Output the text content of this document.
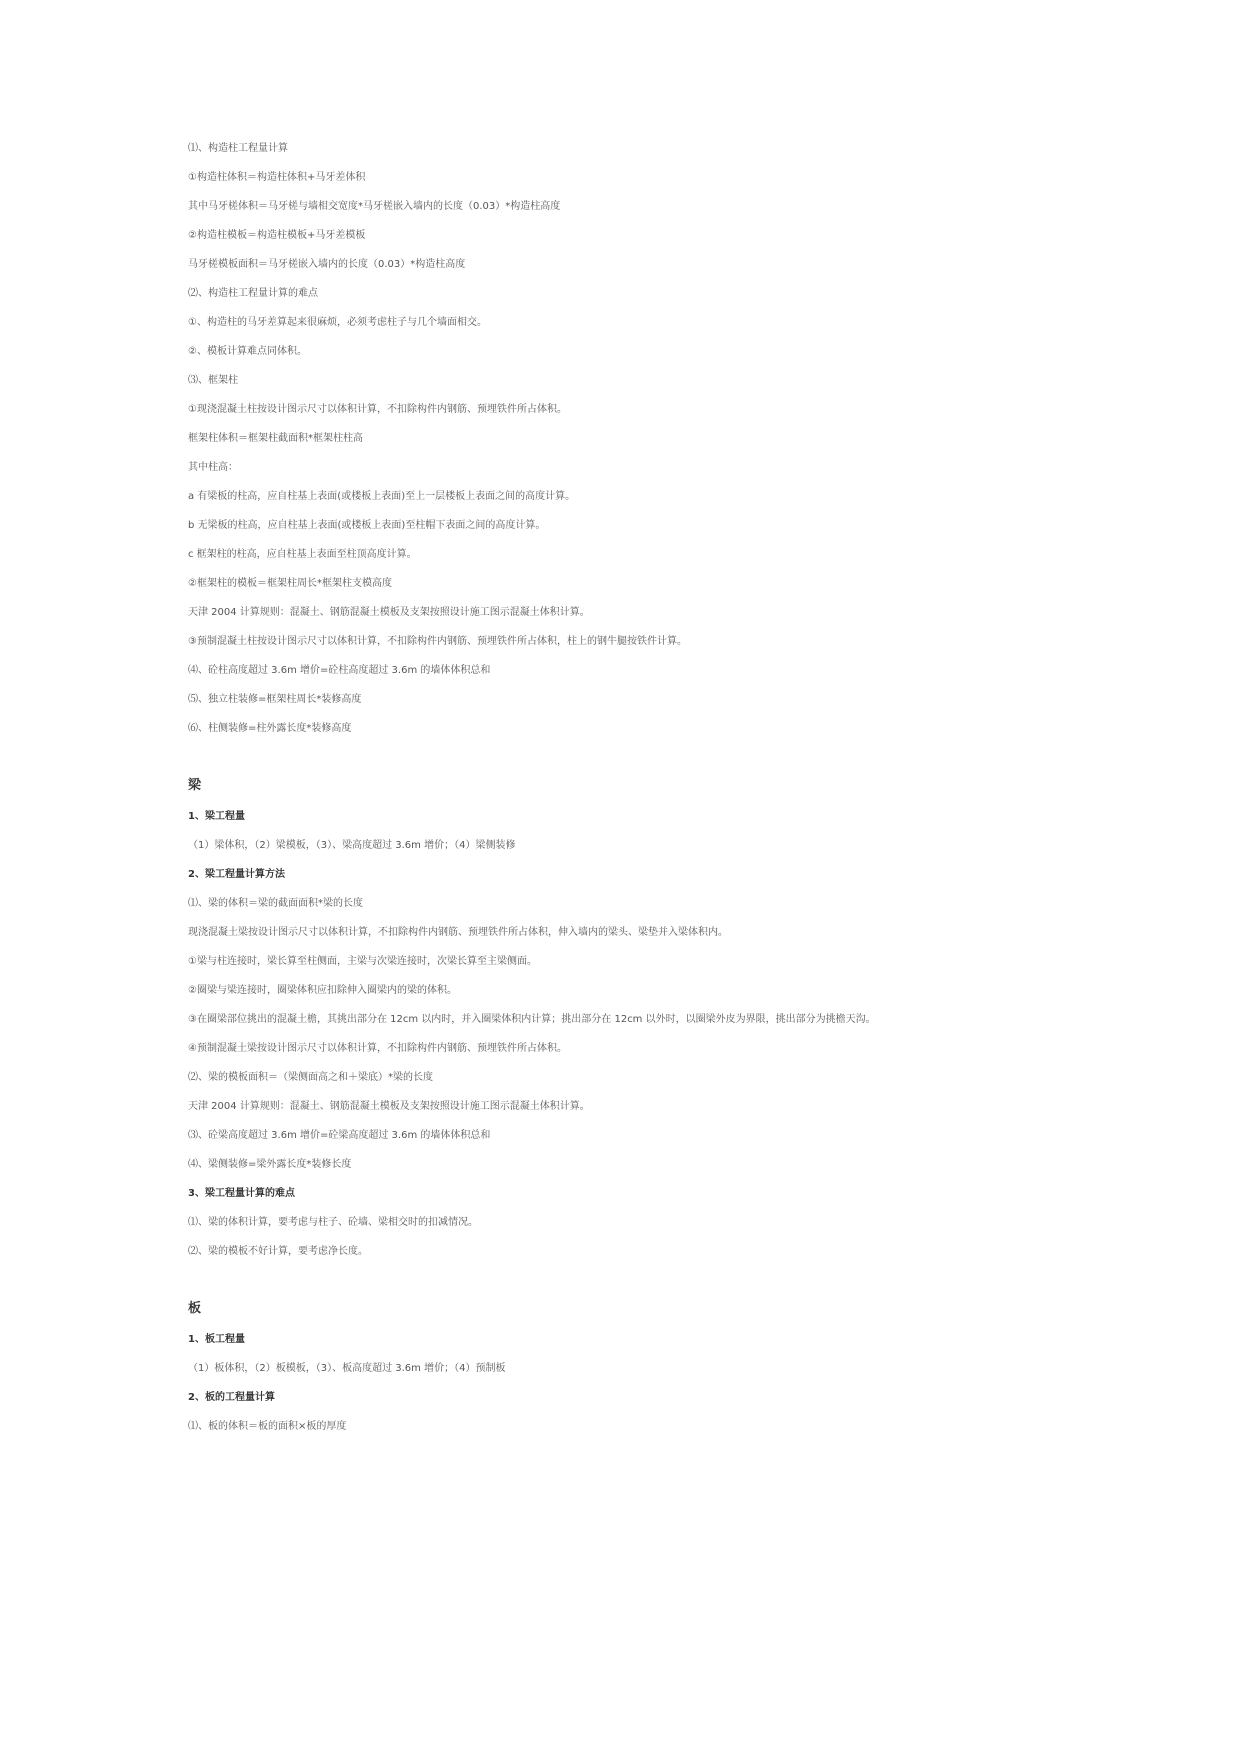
⑴、构造柱工程量计算
①构造柱体积＝构造柱体积+马牙差体积
其中马牙槎体积＝马牙槎与墙相交宽度*马牙槎嵌入墙内的长度（0.03）*构造柱高度
②构造柱模板＝构造柱模板+马牙差模板
马牙槎模板面积＝马牙槎嵌入墙内的长度（0.03）*构造柱高度
⑵、构造柱工程量计算的难点
①、构造柱的马牙差算起来很麻烦，必须考虑柱子与几个墙面相交。
②、模板计算难点同体积。
⑶、框架柱
①现浇混凝土柱按设计图示尺寸以体积计算，不扣除构件内钢筋、预埋铁件所占体积。
框架柱体积＝框架柱截面积*框架柱柱高
其中柱高：
a 有梁板的柱高，应自柱基上表面(或楼板上表面)至上一层楼板上表面之间的高度计算。
b 无梁板的柱高，应自柱基上表面(或楼板上表面)至柱帽下表面之间的高度计算。
c 框架柱的柱高，应自柱基上表面至柱顶高度计算。
②框架柱的模板＝框架柱周长*框架柱支模高度
天津 2004 计算规则：混凝土、钢筋混凝土模板及支架按照设计施工图示混凝土体积计算。
③预制混凝土柱按设计图示尺寸以体积计算，不扣除构件内钢筋、预埋铁件所占体积，柱上的钢牛腿按铁件计算。
⑷、砼柱高度超过 3.6m 增价=砼柱高度超过 3.6m 的墙体体积总和
⑸、独立柱装修=框架柱周长*装修高度
⑹、柱侧装修=柱外露长度*装修高度
梁
1、梁工程量
（1）梁体积，（2）梁模板，（3）、梁高度超过 3.6m 增价；（4）梁侧装修
2、梁工程量计算方法
⑴、梁的体积＝梁的截面面积*梁的长度
现浇混凝土梁按设计图示尺寸以体积计算，不扣除构件内钢筋、预埋铁件所占体积，伸入墙内的梁头、梁垫并入梁体积内。
①梁与柱连接时，梁长算至柱侧面，主梁与次梁连接时，次梁长算至主梁侧面。
②圈梁与梁连接时，圈梁体积应扣除伸入圈梁内的梁的体积。
③在圈梁部位挑出的混凝土檐，其挑出部分在 12cm 以内时，并入圈梁体积内计算；挑出部分在 12cm 以外时，以圈梁外皮为界限，挑出部分为挑檐天沟。
④预制混凝土梁按设计图示尺寸以体积计算，不扣除构件内钢筋、预埋铁件所占体积。
⑵、梁的模板面积＝（梁侧面高之和＋梁底）*梁的长度
天津 2004 计算规则：混凝土、钢筋混凝土模板及支架按照设计施工图示混凝土体积计算。
⑶、砼梁高度超过 3.6m 增价=砼梁高度超过 3.6m 的墙体体积总和
⑷、梁侧装修=梁外露长度*装修长度
3、梁工程量计算的难点
⑴、梁的体积计算，要考虑与柱子、砼墙、梁相交时的扣减情况。
⑵、梁的模板不好计算，要考虑净长度。
板
1、板工程量
（1）板体积，（2）板模板，（3）、板高度超过 3.6m 增价；（4）预制板
2、板的工程量计算
⑴、板的体积＝板的面积×板的厚度
